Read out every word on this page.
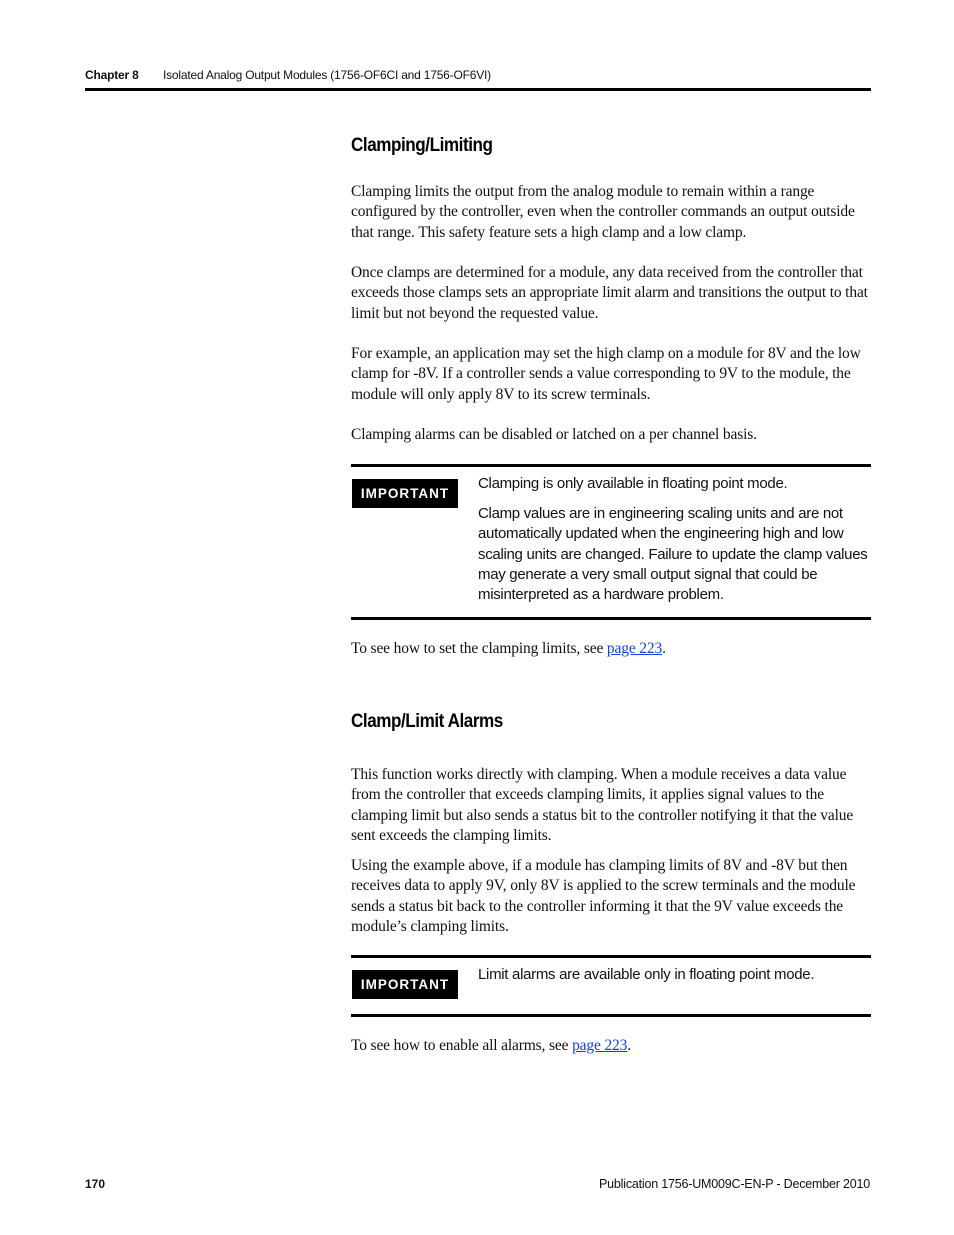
Chapter 8 Isolated Analog Output Modules (1756-OF6CI and 1756-OF6VI)
Clamping/Limiting

Clamping limits the output from the analog module to remain within a range configured by the controller, even when the controller commands an output outside that range. This safety feature sets a high clamp and a low clamp.

Once clamps are determined for a module, any data received from the controller that exceeds those clamps sets an appropriate limit alarm and transitions the output to that limit but not beyond the requested value.

For example, an application may set the high clamp on a module for 8V and the low clamp for -8V. If a controller sends a value corresponding to 9V to the module, the module will only apply 8V to its screw terminals.

Clamping alarms can be disabled or latched on a per channel basis.

IMPORTANT

Clamping is only available in floating point mode.

Clamp values are in engineering scaling units and are not automatically updated when the engineering high and low scaling units are changed. Failure to update the clamp values may generate a very small output signal that could be misinterpreted as a hardware problem.

To see how to set the clamping limits, see page 223.

Clamp/Limit Alarms

This function works directly with clamping. When a module receives a data value from the controller that exceeds clamping limits, it applies signal values to the clamping limit but also sends a status bit to the controller notifying it that the value sent exceeds the clamping limits.

Using the example above, if a module has clamping limits of 8V and -8V but then receives data to apply 9V, only 8V is applied to the screw terminals and the module sends a status bit back to the controller informing it that the 9V value exceeds the module’s clamping limits.

IMPORTANT

Limit alarms are available only in floating point mode.

To see how to enable all alarms, see page 223.

170	Publication 1756-UM009C-EN-P - December 2010
